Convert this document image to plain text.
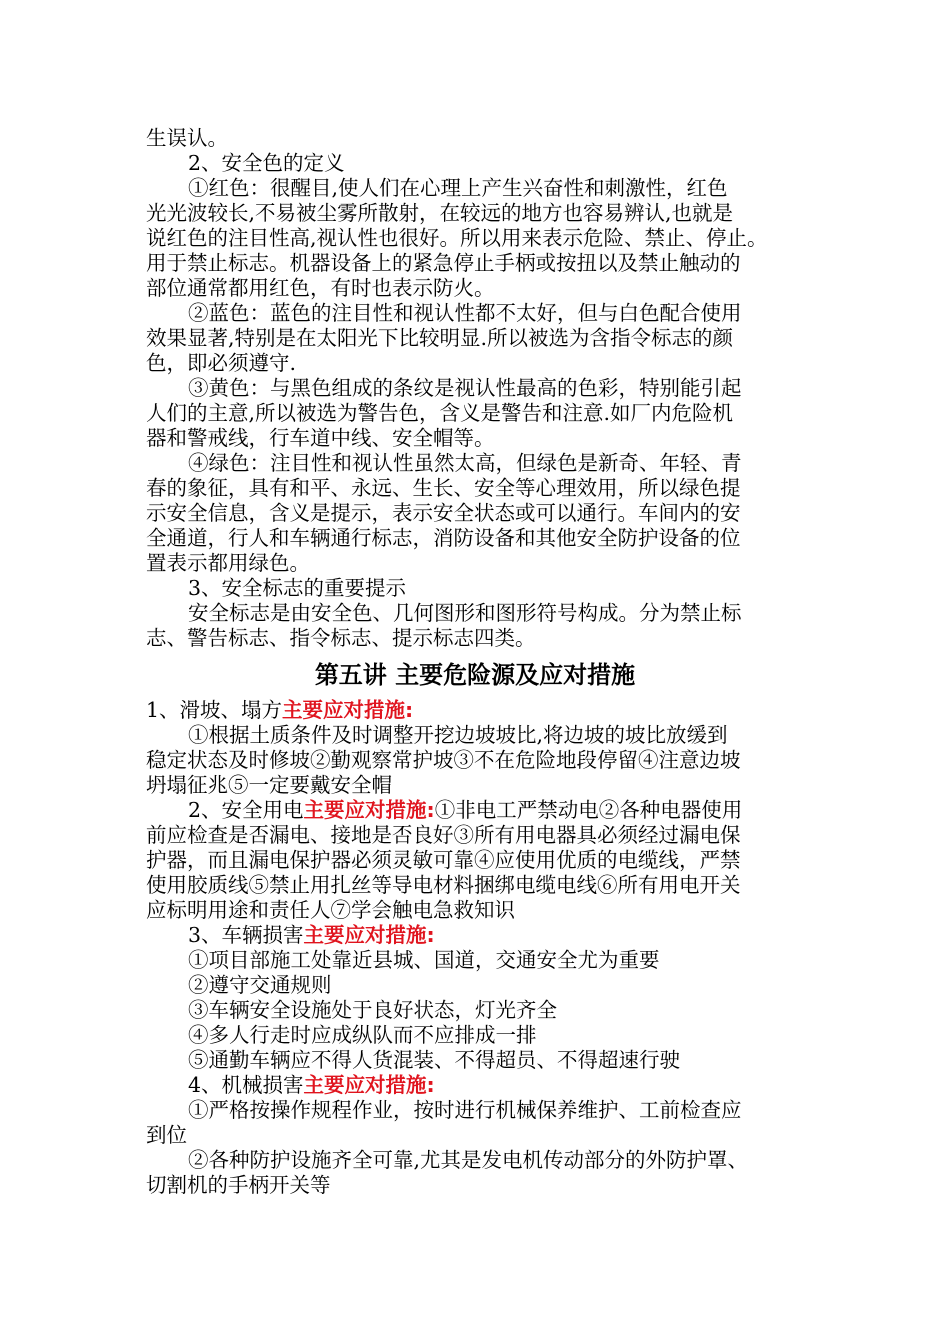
生误认。
2、安全色的定义
①红色：很醒目,使人们在心理上产生兴奋性和刺激性，红色
光光波较长,不易被尘雾所散射，在较远的地方也容易辨认,也就是
说红色的注目性高,视认性也很好。所以用来表示危险、禁止、停止。
用于禁止标志。机器设备上的紧急停止手柄或按扭以及禁止触动的
部位通常都用红色，有时也表示防火。
②蓝色：蓝色的注目性和视认性都不太好，但与白色配合使用
效果显著,特别是在太阳光下比较明显.所以被选为含指令标志的颜
色，即必须遵守.
③黄色：与黑色组成的条纹是视认性最高的色彩，特别能引起
人们的主意,所以被选为警告色，含义是警告和注意.如厂内危险机
器和警戒线，行车道中线、安全帽等。
④绿色：注目性和视认性虽然太高，但绿色是新奇、年轻、青
春的象征，具有和平、永远、生长、安全等心理效用，所以绿色提
示安全信息，含义是提示，表示安全状态或可以通行。车间内的安
全通道，行人和车辆通行标志，消防设备和其他安全防护设备的位
置表示都用绿色。
3、安全标志的重要提示
安全标志是由安全色、几何图形和图形符号构成。分为禁止标
志、警告标志、指令标志、提示标志四类。
第五讲 主要危险源及应对措施
1、滑坡、塌方主要应对措施:
①根据土质条件及时调整开挖边坡坡比,将边坡的坡比放缓到
稳定状态及时修坡②勤观察常护坡③不在危险地段停留④注意边坡
坍塌征兆⑤一定要戴安全帽
2、安全用电主要应对措施:①非电工严禁动电②各种电器使用
前应检查是否漏电、接地是否良好③所有用电器具必须经过漏电保
护器，而且漏电保护器必须灵敏可靠④应使用优质的电缆线，严禁
使用胶质线⑤禁止用扎丝等导电材料捆绑电缆电线⑥所有用电开关
应标明用途和责任人⑦学会触电急救知识
3、车辆损害主要应对措施:
①项目部施工处靠近县城、国道，交通安全尤为重要
②遵守交通规则
③车辆安全设施处于良好状态，灯光齐全
④多人行走时应成纵队而不应排成一排
⑤通勤车辆应不得人货混装、不得超员、不得超速行驶
4、机械损害主要应对措施:
①严格按操作规程作业，按时进行机械保养维护、工前检查应
到位
②各种防护设施齐全可靠,尤其是发电机传动部分的外防护罩、
切割机的手柄开关等
